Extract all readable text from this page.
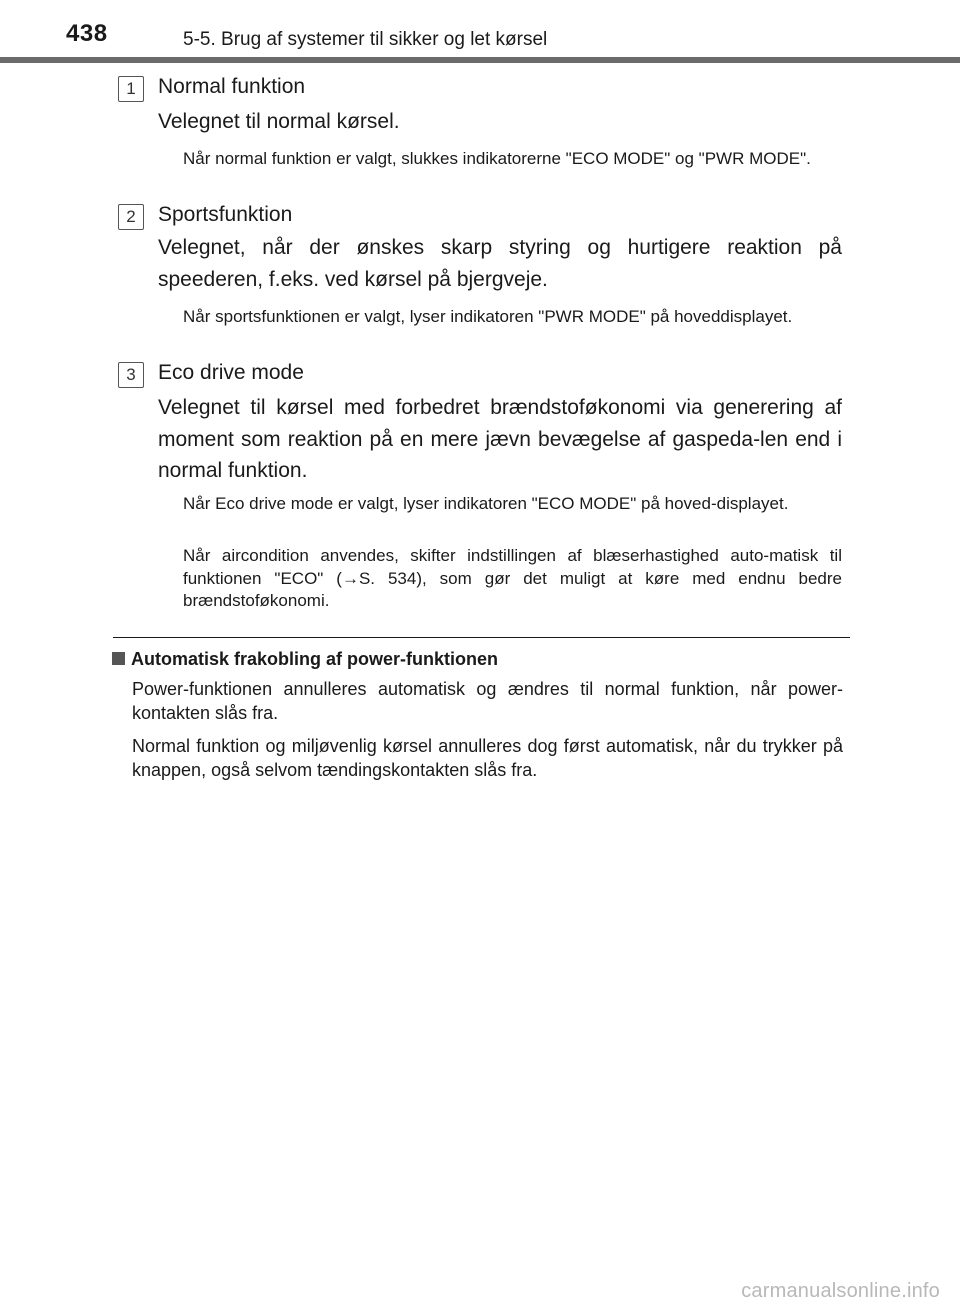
438	5-5. Brug af systemer til sikker og let kørsel
1	Normal funktion
Velegnet til normal kørsel.
Når normal funktion er valgt, slukkes indikatorerne "ECO MODE" og "PWR MODE".
2	Sportsfunktion
Velegnet, når der ønskes skarp styring og hurtigere reaktion på speederen, f.eks. ved kørsel på bjergveje.
Når sportsfunktionen er valgt, lyser indikatoren "PWR MODE" på hoveddisplayet.
3	Eco drive mode
Velegnet til kørsel med forbedret brændstoføkonomi via generering af moment som reaktion på en mere jævn bevægelse af gaspeda-len end i normal funktion.
Når Eco drive mode er valgt, lyser indikatoren "ECO MODE" på hoved-displayet.
Når aircondition anvendes, skifter indstillingen af blæserhastighed auto-matisk til funktionen "ECO" (→S. 534), som gør det muligt at køre med endnu bedre brændstoføkonomi.
Automatisk frakobling af power-funktionen
Power-funktionen annulleres automatisk og ændres til normal funktion, når power-kontakten slås fra.
Normal funktion og miljøvenlig kørsel annulleres dog først automatisk, når du trykker på knappen, også selvom tændingskontakten slås fra.
carmanualsonline.info
